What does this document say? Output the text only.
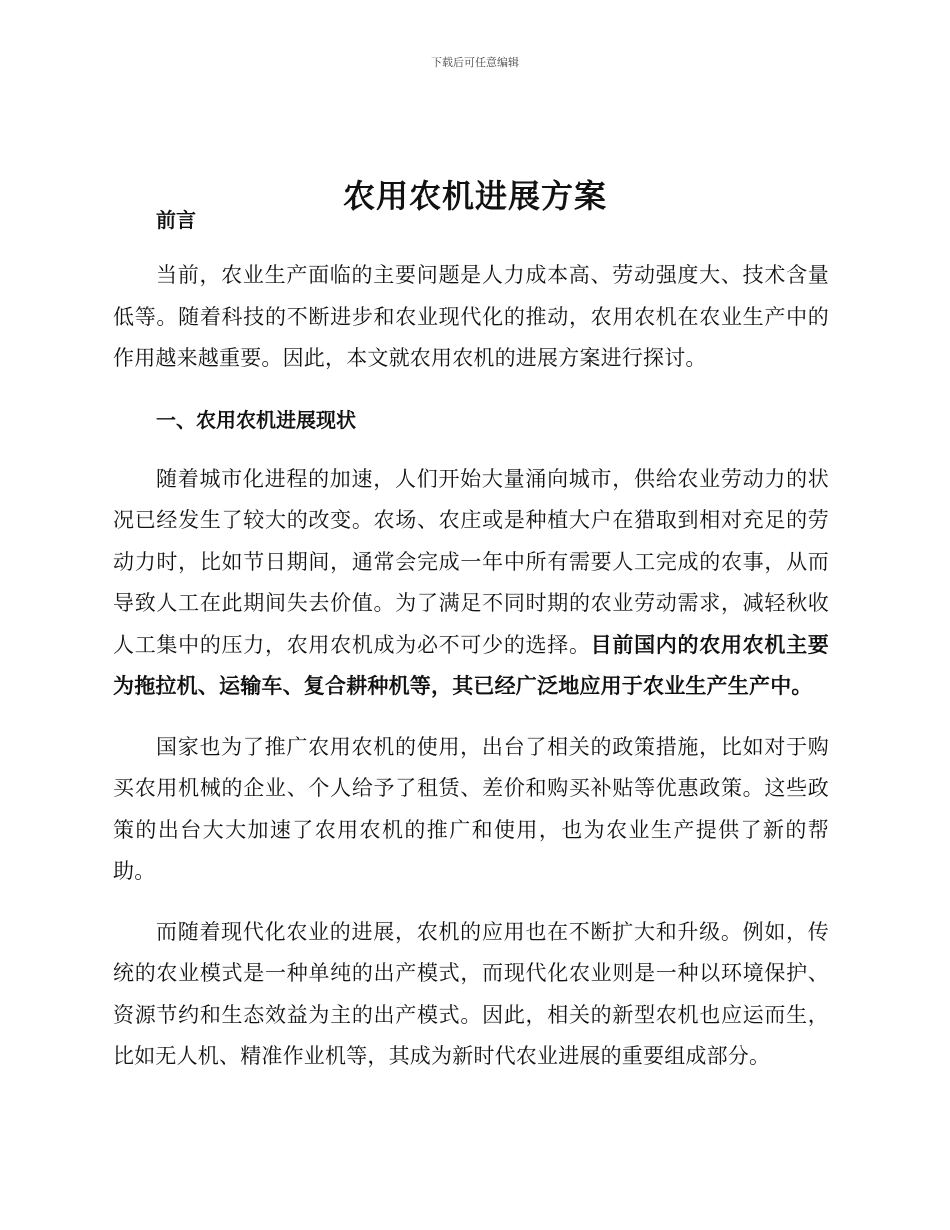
下载后可任意编辑
农用农机进展方案
前言

当前，农业生产面临的主要问题是人力成本高、劳动强度大、技术含量低等。随着科技的不断进步和农业现代化的推动，农用农机在农业生产中的作用越来越重要。因此，本文就农用农机的进展方案进行探讨。

一、农用农机进展现状

随着城市化进程的加速，人们开始大量涌向城市，供给农业劳动力的状况已经发生了较大的改变。农场、农庄或是种植大户在猎取到相对充足的劳动力时，比如节日期间，通常会完成一年中所有需要人工完成的农事，从而导致人工在此期间失去价值。为了满足不同时期的农业劳动需求，减轻秋收人工集中的压力，农用农机成为必不可少的选择。目前国内的农用农机主要为拖拉机、运输车、复合耕种机等，其已经广泛地应用于农业生产生产中。

国家也为了推广农用农机的使用，出台了相关的政策措施，比如对于购买农用机械的企业、个人给予了租赁、差价和购买补贴等优惠政策。这些政策的出台大大加速了农用农机的推广和使用，也为农业生产提供了新的帮助。

而随着现代化农业的进展，农机的应用也在不断扩大和升级。例如，传统的农业模式是一种单纯的出产模式，而现代化农业则是一种以环境保护、资源节约和生态效益为主的出产模式。因此，相关的新型农机也应运而生，比如无人机、精准作业机等，其成为新时代农业进展的重要组成部分。
